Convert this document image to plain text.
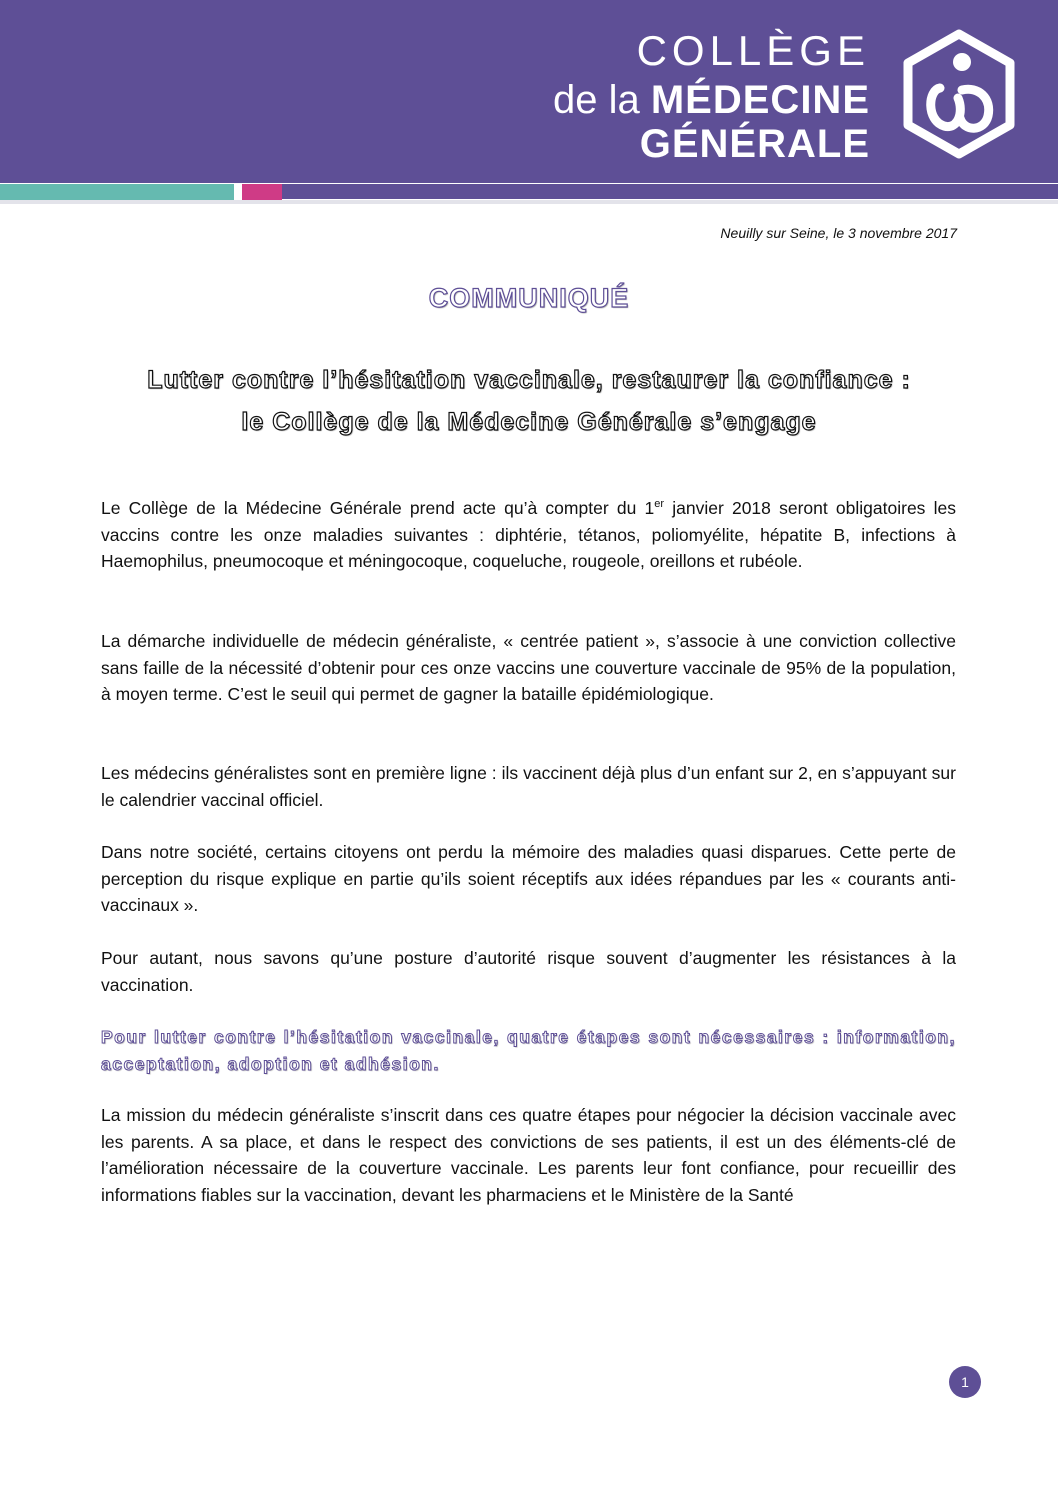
COLLÈGE
de la MÉDECINE
GÉNÉRALE
Neuilly sur Seine, le 3 novembre 2017
COMMUNIQUÉ
Lutter contre l’hésitation vaccinale, restaurer la confiance :
le Collège de la Médecine Générale s’engage

Le Collège de la Médecine Générale prend acte qu’à compter du 1er janvier 2018 seront obligatoires les vaccins contre les onze maladies suivantes : diphtérie, tétanos, poliomyélite, hépatite B, infections à Haemophilus, pneumocoque et méningocoque, coqueluche, rougeole, oreillons et rubéole.

La démarche individuelle de médecin généraliste, « centrée patient », s’associe à une conviction collective sans faille de la nécessité d’obtenir pour ces onze vaccins une couverture vaccinale de 95% de la population, à moyen terme. C’est le seuil qui permet de gagner la bataille épidémiologique.

Les médecins généralistes sont en première ligne : ils vaccinent déjà plus d’un enfant sur 2, en s’appuyant sur le calendrier vaccinal officiel.

Dans notre société, certains citoyens ont perdu la mémoire des maladies quasi disparues. Cette perte de perception du risque explique en partie qu’ils soient réceptifs aux idées répandues par les « courants anti-vaccinaux ».

Pour autant, nous savons qu’une posture d’autorité risque souvent d’augmenter les résistances à la vaccination.

Pour lutter contre l’hésitation vaccinale, quatre étapes sont nécessaires : information, acceptation, adoption et adhésion.

La mission du médecin généraliste s’inscrit dans ces quatre étapes pour négocier la décision vaccinale avec les parents. A sa place, et dans le respect des convictions de ses patients, il est un des éléments-clé de l’amélioration nécessaire de la couverture vaccinale. Les parents leur font confiance, pour recueillir des informations fiables sur la vaccination, devant les pharmaciens et le Ministère de la Santé

1
